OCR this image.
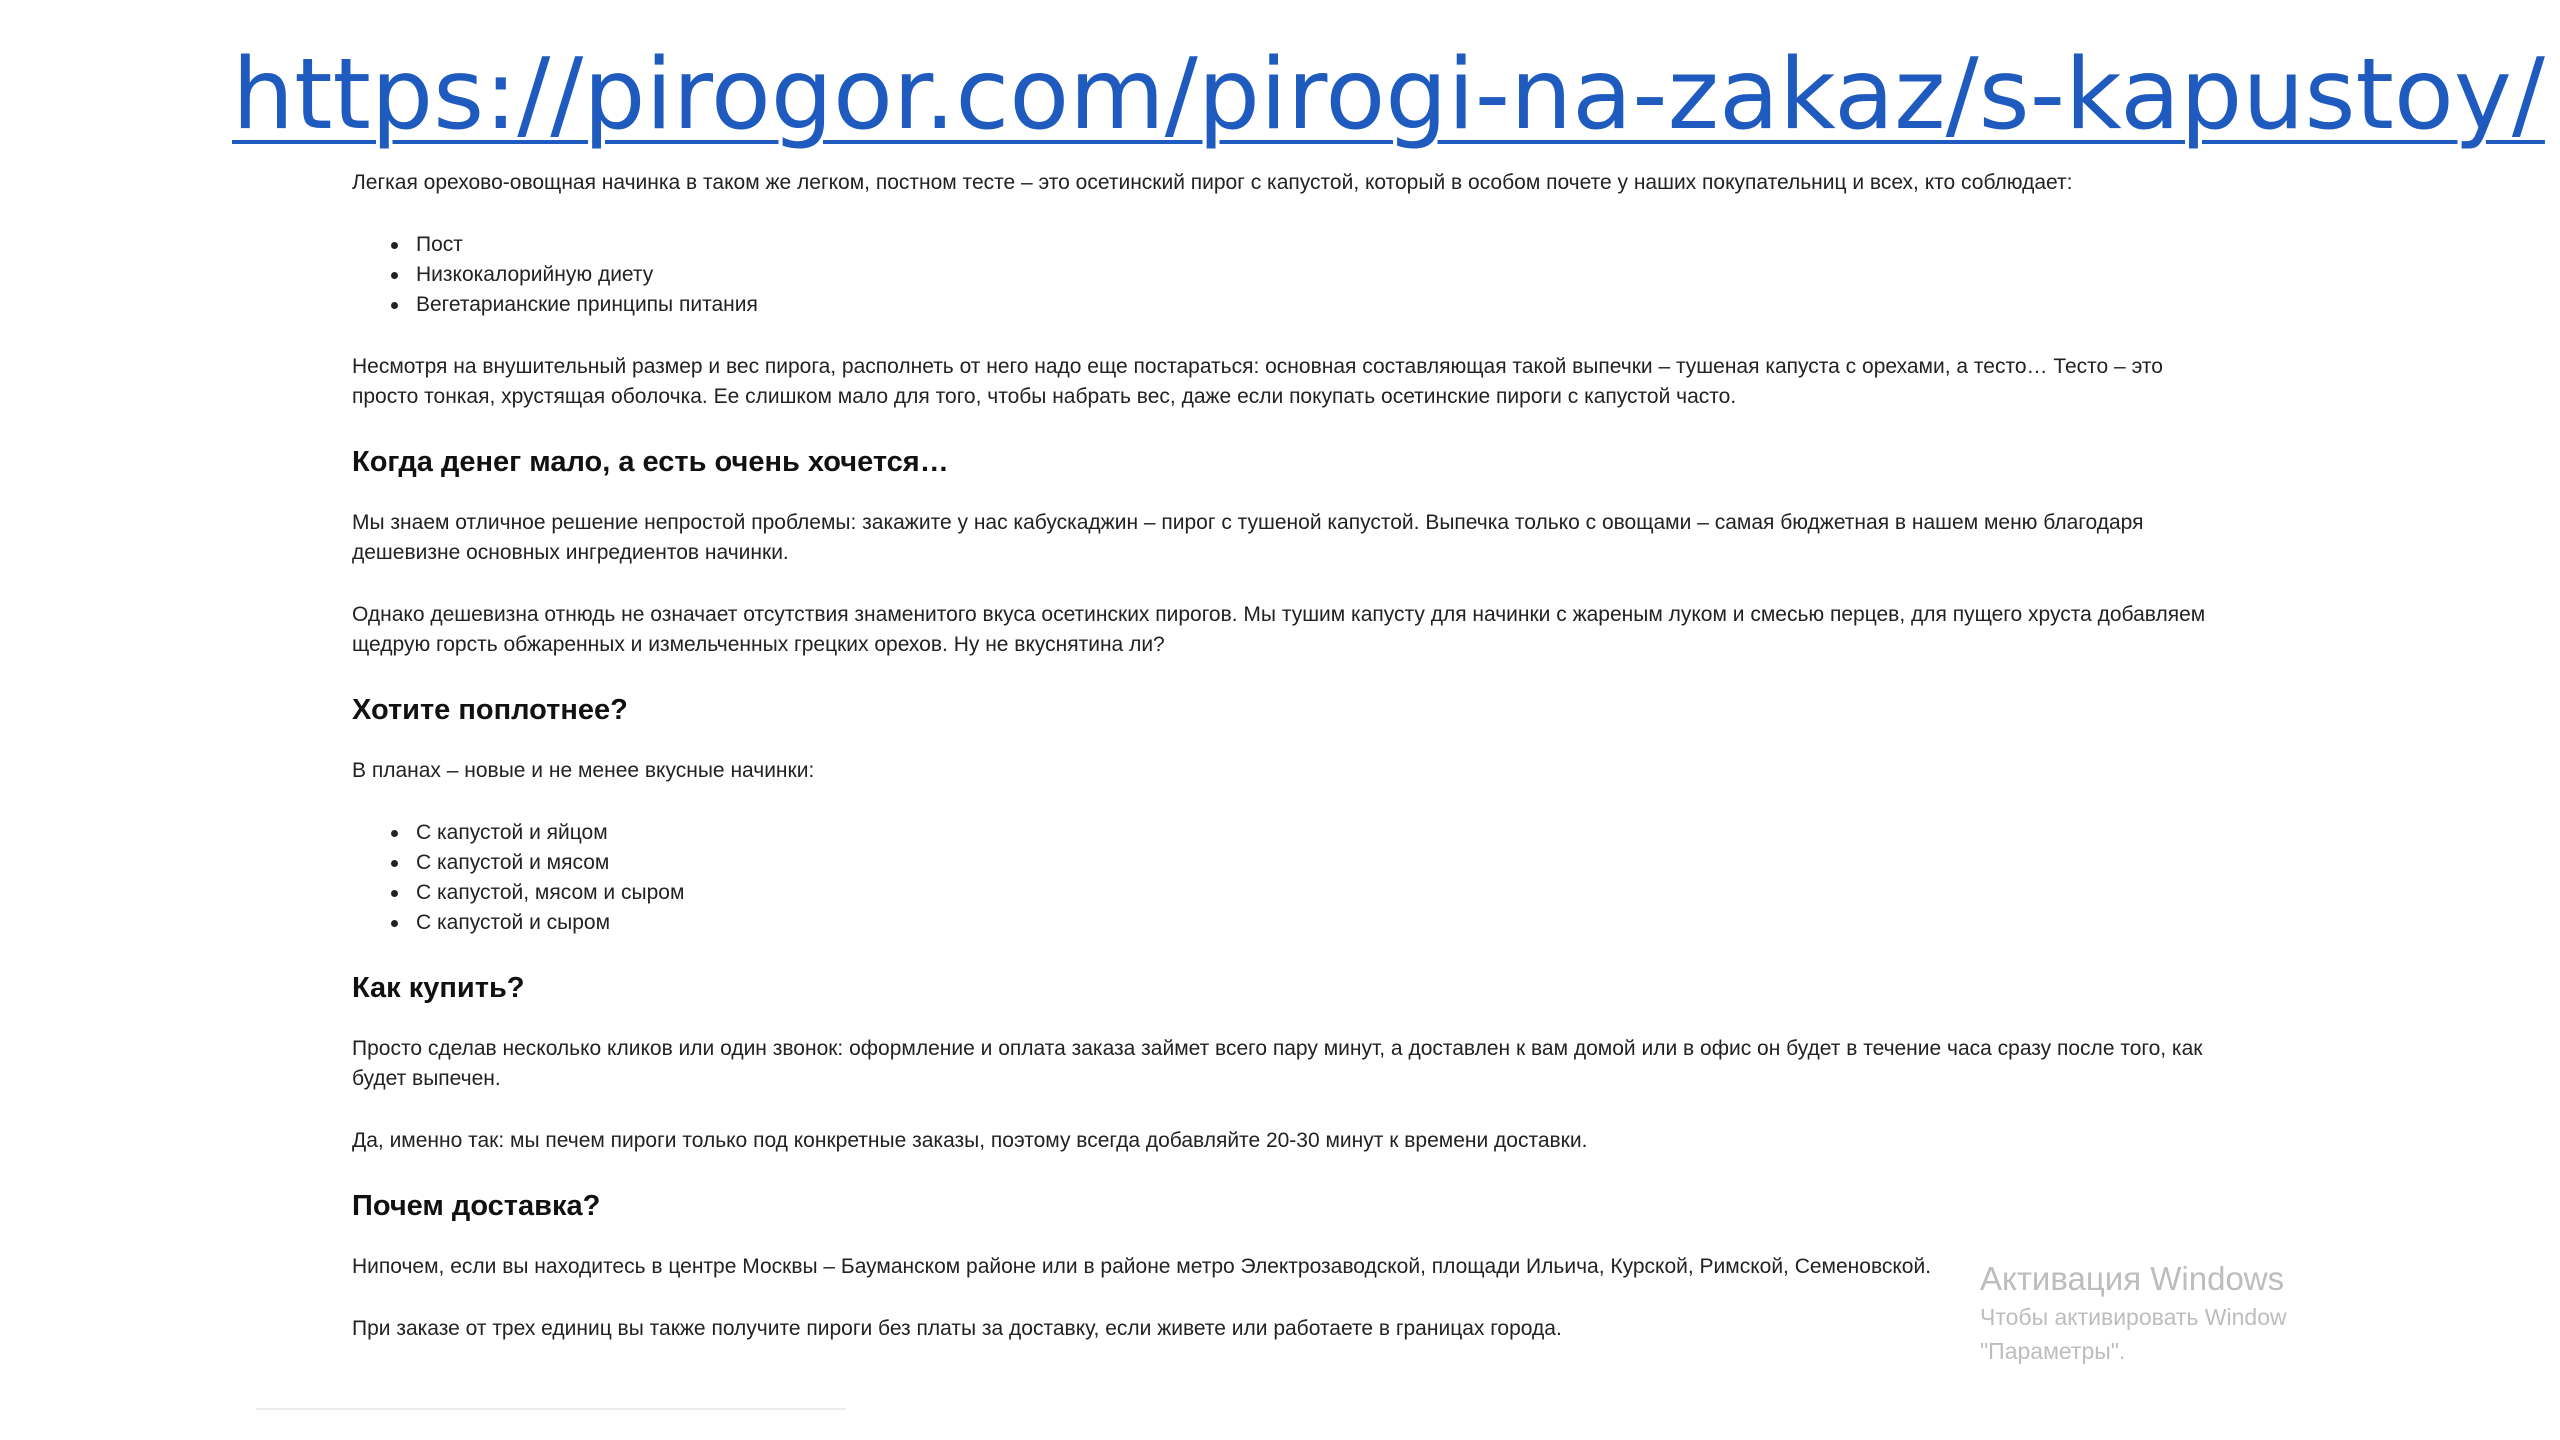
https://pirogor.com/pirogi-na-zakaz/s-kapustoy/

Легкая орехово-овощная начинка в таком же легком, постном тесте – это осетинский пирог с капустой, который в особом почете у наших покупательниц и всех, кто соблюдает:

Пост
Низкокалорийную диету
Вегетарианские принципы питания

Несмотря на внушительный размер и вес пирога, располнеть от него надо еще постараться: основная составляющая такой выпечки – тушеная капуста с орехами, а тесто… Тесто – это просто тонкая, хрустящая оболочка. Ее слишком мало для того, чтобы набрать вес, даже если покупать осетинские пироги с капустой часто.

Когда денег мало, а есть очень хочется…

Мы знаем отличное решение непростой проблемы: закажите у нас кабускаджин – пирог с тушеной капустой. Выпечка только с овощами – самая бюджетная в нашем меню благодаря дешевизне основных ингредиентов начинки.

Однако дешевизна отнюдь не означает отсутствия знаменитого вкуса осетинских пирогов. Мы тушим капусту для начинки с жареным луком и смесью перцев, для пущего хруста добавляем щедрую горсть обжаренных и измельченных грецких орехов. Ну не вкуснятина ли?

Хотите поплотнее?

В планах – новые и не менее вкусные начинки:

С капустой и яйцом
С капустой и мясом
С капустой, мясом и сыром
С капустой и сыром
Как купить?

Просто сделав несколько кликов или один звонок: оформление и оплата заказа займет всего пару минут, а доставлен к вам домой или в офис он будет в течение часа сразу после того, как будет выпечен.

Да, именно так: мы печем пироги только под конкретные заказы, поэтому всегда добавляйте 20-30 минут к времени доставки.

Почем доставка?

Нипочем, если вы находитесь в центре Москвы – Бауманском районе или в районе метро Электрозаводской, площади Ильича, Курской, Римской, Семеновской.

При заказе от трех единиц вы также получите пироги без платы за доставку, если живете или работаете в границах города.

Активация Windows
Чтобы активировать Window
"Параметры".
